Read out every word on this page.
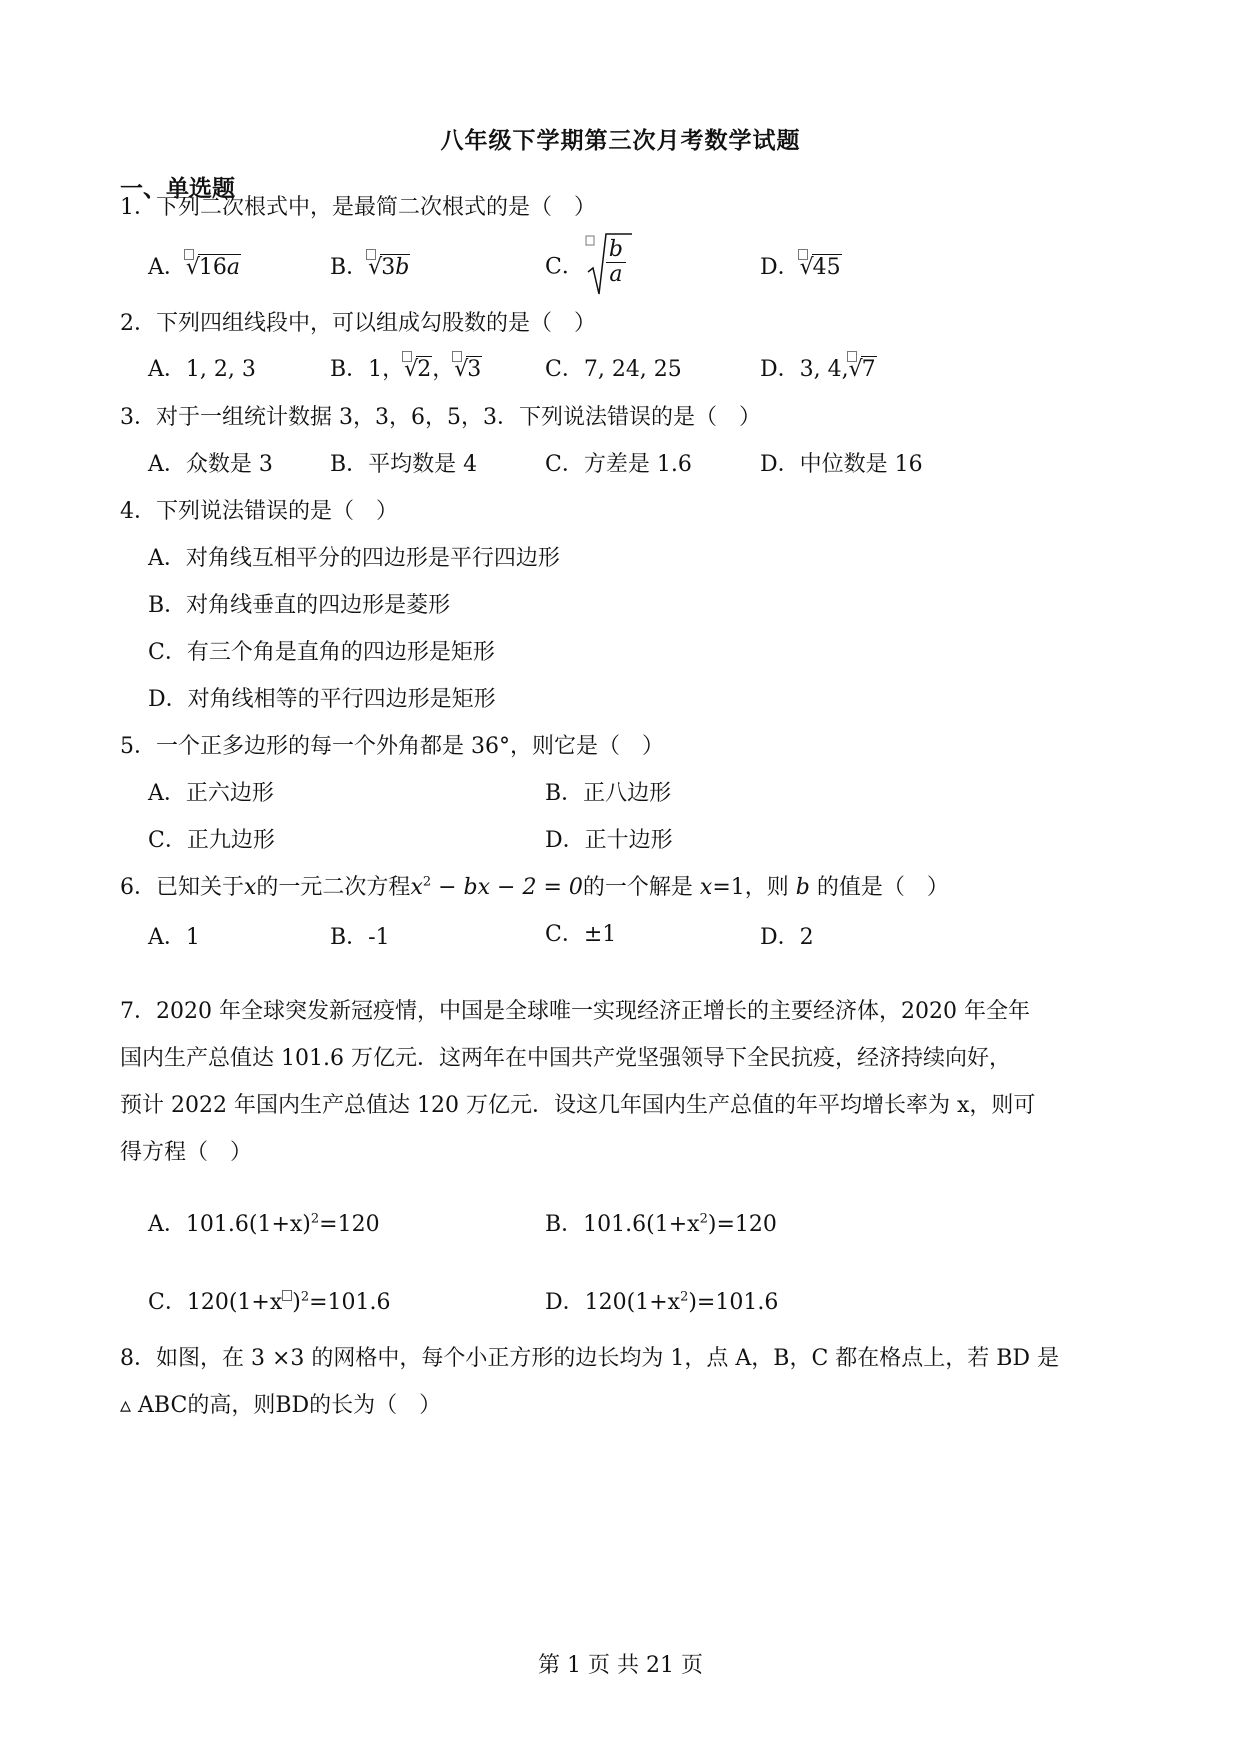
八年级下学期第三次月考数学试题
一、单选题
1．下列二次根式中，是最简二次根式的是（　）
A．
√16a	B．
√3b	C． $\frac{b}{a}$	D．
√45
2．下列四组线段中，可以组成勾股数的是（　）
A．1, 2, 3	B．1，
√2，
√3	C．7, 24, 25	D．3, 4,
√7
3．对于一组统计数据 3，3，6，5，3．下列说法错误的是（　）
A．众数是 3	B．平均数是 4	C．方差是 1.6	D．中位数是 16
4．下列说法错误的是（　）
A．对角线互相平分的四边形是平行四边形
B．对角线垂直的四边形是菱形
C．有三个角是直角的四边形是矩形
D．对角线相等的平行四边形是矩形
5．一个正多边形的每一个外角都是 36°，则它是（　）
A．正六边形	B．正八边形
C．正九边形	D．正十边形
6．已知关于x的一元二次方程$x^2$ − bx − 2 = 0的一个解是 x=1，则 b 的值是（　）
A．1	B．-1	C．±1	D．2
7．2020 年全球突发新冠疫情，中国是全球唯一实现经济正增长的主要经济体，2020 年全年
国内生产总值达 101.6 万亿元．这两年在中国共产党坚强领导下全民抗疫，经济持续向好，
预计 2022 年国内生产总值达 120 万亿元．设这几年国内生产总值的年平均增长率为 x，则可
得方程（　）
A．$101.6(1+x)^2=120$	B．$101.6(1+x^2)=120$
C．120(1+x )$^2$=101.6	D．$120(1+x^2)=101.6$
8．如图，在 3 ×3 的网格中，每个小正方形的边长均为 1，点 A，B，C 都在格点上，若 BD 是
▵ ABC的高，则BD的长为（　）
第 1 页 共 21 页
